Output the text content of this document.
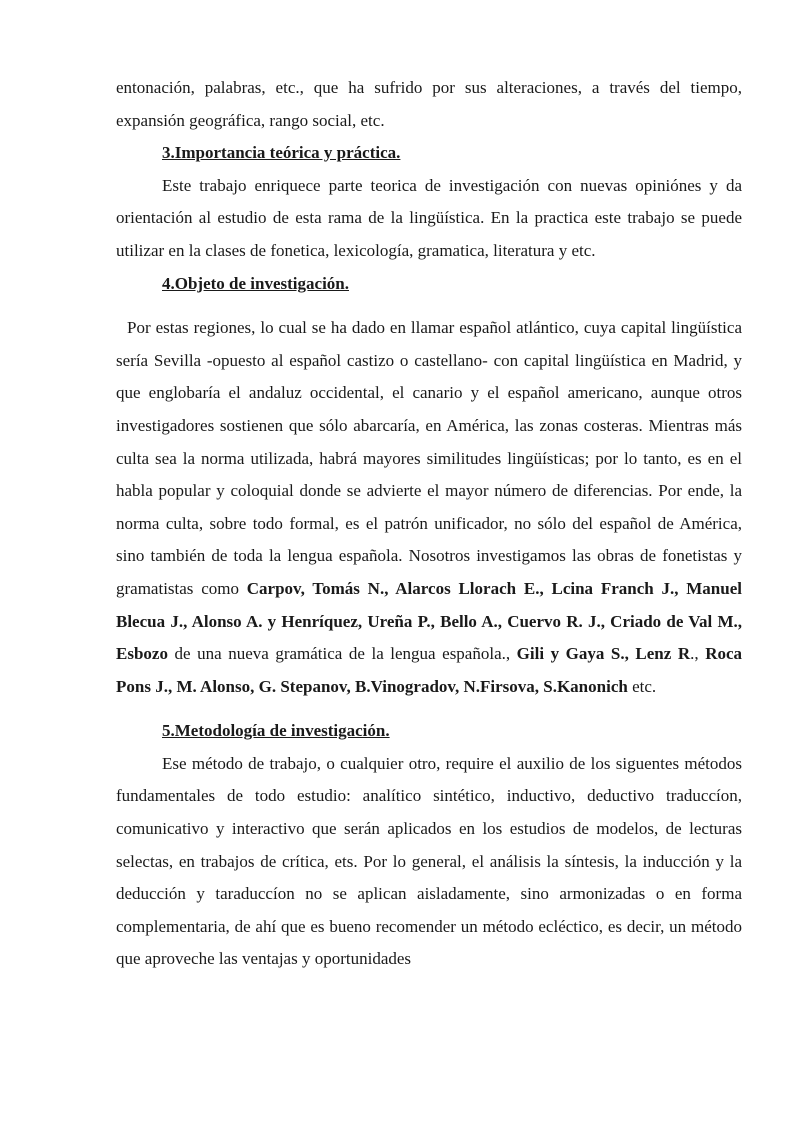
entonación, palabras, etc., que ha sufrido por sus alteraciones, a través del tiempo, expansión geográfica, rango social, etc.

3.Importancia teórica y práctica.

Este trabajo enriquece parte teorica de investigación con nuevas opiniónes y da orientación al estudio de esta rama de la lingüística. En la practica este trabajo se puede utilizar en la clases de fonetica, lexicología, gramatica, literatura y etc.

4.Objeto de investigación.

Por estas regiones, lo cual se ha dado en llamar español atlántico, cuya capital lingüística sería Sevilla -opuesto al español castizo o castellano- con capital lingüística en Madrid, y que englobaría el andaluz occidental, el canario y el español americano, aunque otros investigadores sostienen que sólo abarcaría, en América, las zonas costeras. Mientras más culta sea la norma utilizada, habrá mayores similitudes lingüísticas; por lo tanto, es en el habla popular y coloquial donde se advierte el mayor número de diferencias. Por ende, la norma culta, sobre todo formal, es el patrón unificador, no sólo del español de América, sino también de toda la lengua española. Nosotros investigamos las obras de fonetistas y gramatistas como Carpov, Tomás N., Alarcos Llorach E., Lcina Franch J., Manuel Blecua J., Alonso A. y Henríquez, Ureña P., Bello A., Cuervo R. J., Criado de Val M., Esbozo de una nueva gramática de la lengua española., Gili y Gaya S., Lenz R., Roca Pons J., M. Alonso, G. Stepanov, B.Vinogradov, N.Firsova, S.Kanonich etc.

5.Metodología de investigación.

Ese método de trabajo, o cualquier otro, require el auxilio de los siguentes métodos fundamentales de todo estudio: analítico sintético, inductivo, deductivo traduccíon, comunicativo y interactivo que serán aplicados en los estudios de modelos, de lecturas selectas, en trabajos de crítica, ets. Por lo general, el análisis la síntesis, la inducción y la deducción y taraduccíon no se aplican aisladamente, sino armonizadas o en forma complementaria, de ahí que es bueno recomender un método ecléctico, es decir, un método que aproveche las ventajas y oportunidades
